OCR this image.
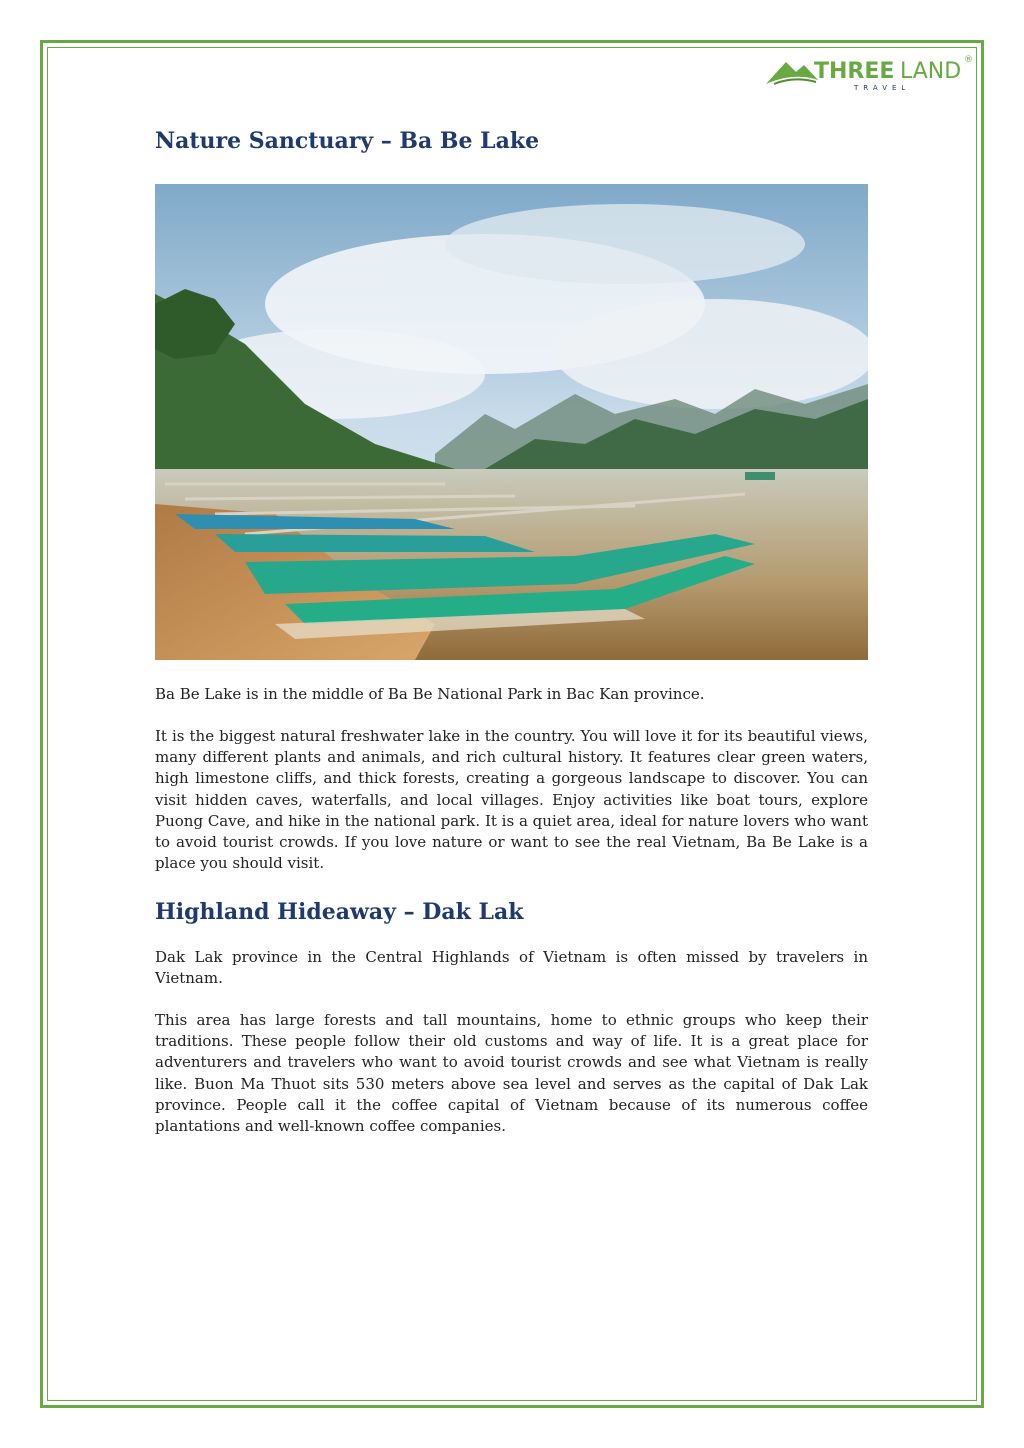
THREE LAND ®
TRAVEL
Nature Sanctuary – Ba Be Lake

Ba Be Lake is in the middle of Ba Be National Park in Bac Kan province.

It is the biggest natural freshwater lake in the country. You will love it for its beautiful views, many different plants and animals, and rich cultural history. It features clear green waters, high limestone cliffs, and thick forests, creating a gorgeous landscape to discover. You can visit hidden caves, waterfalls, and local villages. Enjoy activities like boat tours, explore Puong Cave, and hike in the national park. It is a quiet area, ideal for nature lovers who want to avoid tourist crowds. If you love nature or want to see the real Vietnam, Ba Be Lake is a place you should visit.

Highland Hideaway – Dak Lak

Dak Lak province in the Central Highlands of Vietnam is often missed by travelers in Vietnam.

This area has large forests and tall mountains, home to ethnic groups who keep their traditions. These people follow their old customs and way of life. It is a great place for adventurers and travelers who want to avoid tourist crowds and see what Vietnam is really like. Buon Ma Thuot sits 530 meters above sea level and serves as the capital of Dak Lak province. People call it the coffee capital of Vietnam because of its numerous coffee plantations and well-known coffee companies.
